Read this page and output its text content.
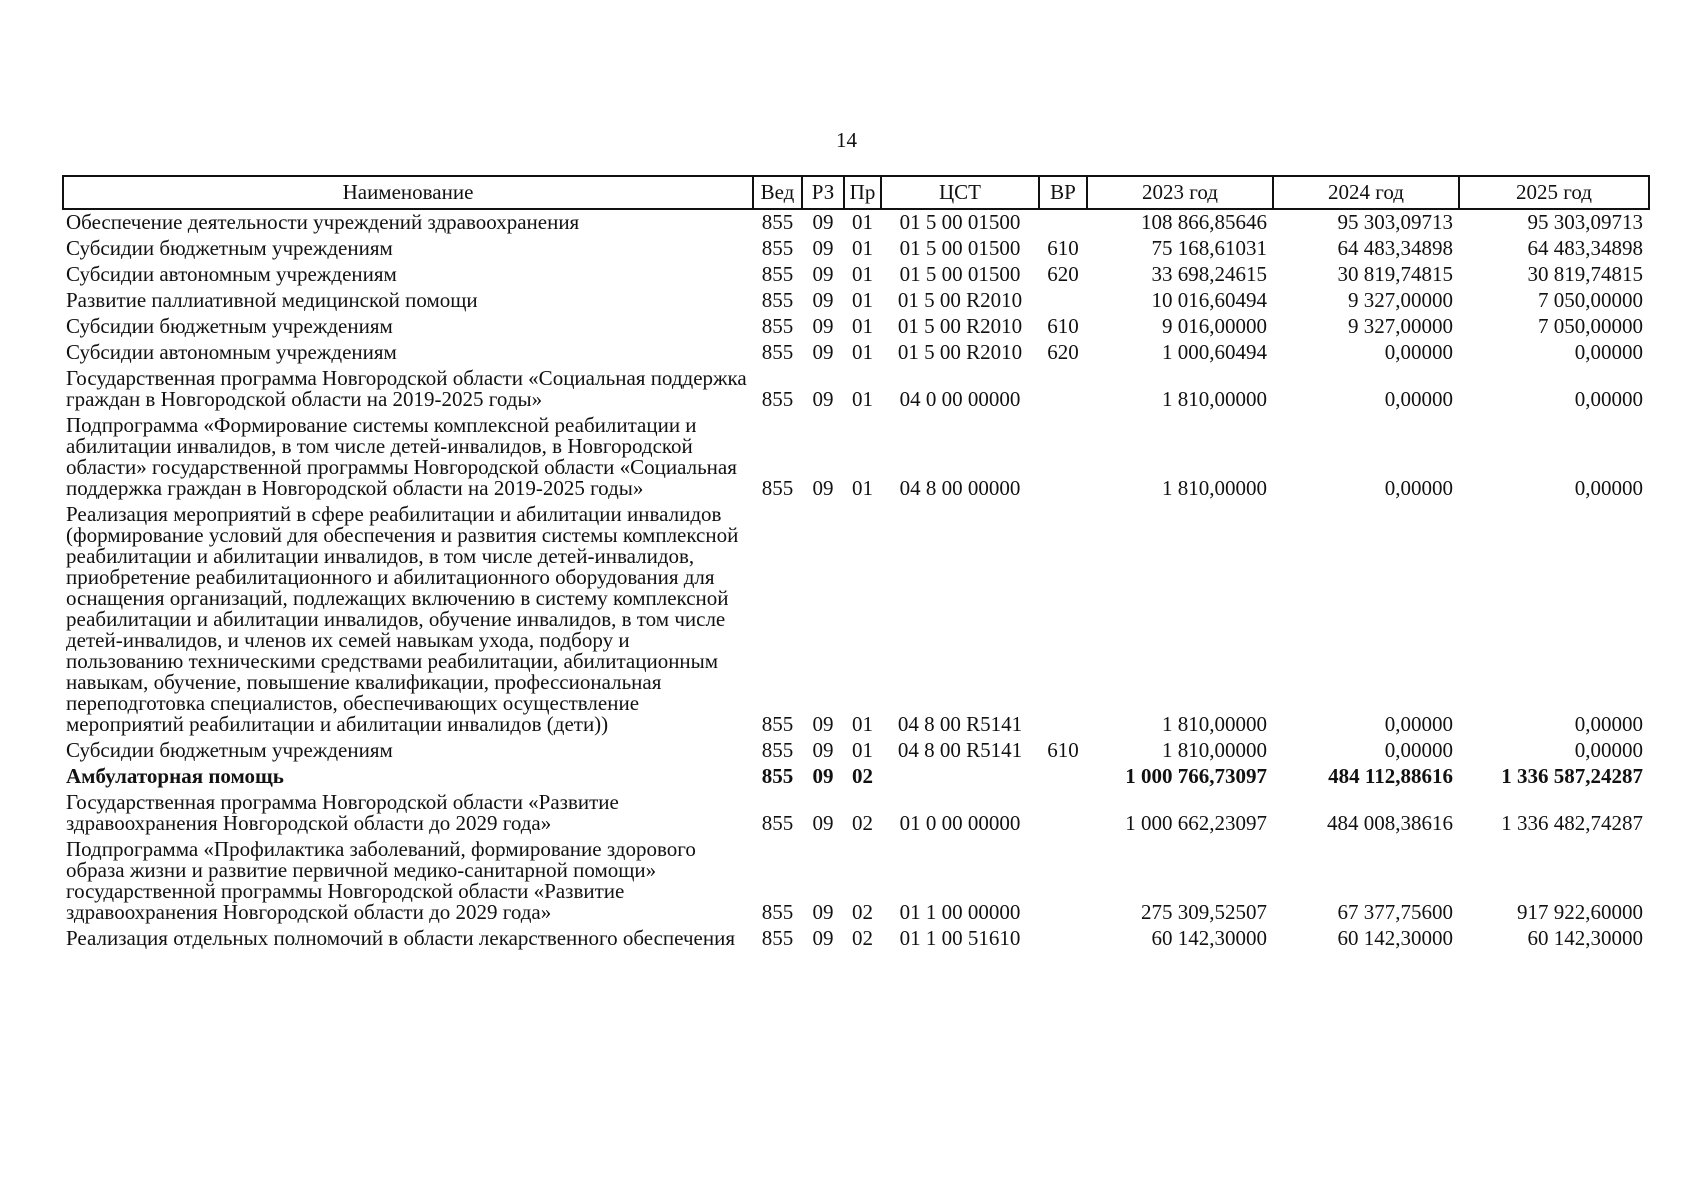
14
Наименование	Вед	РЗ	Пр	ЦСТ	ВР	2023 год	2024 год	2025 год
Обеспечение деятельности учреждений здравоохранения	855	09	01	01 5 00 01500		108 866,85646	95 303,09713	95 303,09713
Субсидии бюджетным учреждениям	855	09	01	01 5 00 01500	610	75 168,61031	64 483,34898	64 483,34898
Субсидии автономным учреждениям	855	09	01	01 5 00 01500	620	33 698,24615	30 819,74815	30 819,74815
Развитие паллиативной медицинской помощи	855	09	01	01 5 00 R2010		10 016,60494	9 327,00000	7 050,00000
Субсидии бюджетным учреждениям	855	09	01	01 5 00 R2010	610	9 016,00000	9 327,00000	7 050,00000
Субсидии автономным учреждениям	855	09	01	01 5 00 R2010	620	1 000,60494	0,00000	0,00000
Государственная программа Новгородской области «Социальная поддержка граждан в Новгородской области на 2019-2025 годы»	855	09	01	04 0 00 00000		1 810,00000	0,00000	0,00000
Подпрограмма «Формирование системы комплексной реабилитации и абилитации инвалидов, в том числе детей-инвалидов, в Новгородской области» государственной программы Новгородской области «Социальная поддержка граждан в Новгородской области на 2019-2025 годы»	855	09	01	04 8 00 00000		1 810,00000	0,00000	0,00000
Реализация мероприятий в сфере реабилитации и абилитации инвалидов (формирование условий для обеспечения и развития системы комплексной реабилитации и абилитации инвалидов, в том числе детей-инвалидов, приобретение реабилитационного и абилитационного оборудования для оснащения организаций, подлежащих включению в систему комплексной реабилитации и абилитации инвалидов, обучение инвалидов, в том числе детей-инвалидов, и членов их семей навыкам ухода, подбору и пользованию техническими средствами реабилитации, абилитационным навыкам, обучение, повышение квалификации, профессиональная переподготовка специалистов, обеспечивающих осуществление мероприятий реабилитации и абилитации инвалидов (дети))	855	09	01	04 8 00 R5141		1 810,00000	0,00000	0,00000
Субсидии бюджетным учреждениям	855	09	01	04 8 00 R5141	610	1 810,00000	0,00000	0,00000
Амбулаторная помощь	855	09	02			1 000 766,73097	484 112,88616	1 336 587,24287
Государственная программа Новгородской области «Развитие здравоохранения Новгородской области до 2029 года»	855	09	02	01 0 00 00000		1 000 662,23097	484 008,38616	1 336 482,74287
Подпрограмма «Профилактика заболеваний, формирование здорового образа жизни и развитие первичной медико-санитарной помощи» государственной программы Новгородской области «Развитие здравоохранения Новгородской области до 2029 года»	855	09	02	01 1 00 00000		275 309,52507	67 377,75600	917 922,60000
Реализация отдельных полномочий в области лекарственного обеспечения	855	09	02	01 1 00 51610		60 142,30000	60 142,30000	60 142,30000
